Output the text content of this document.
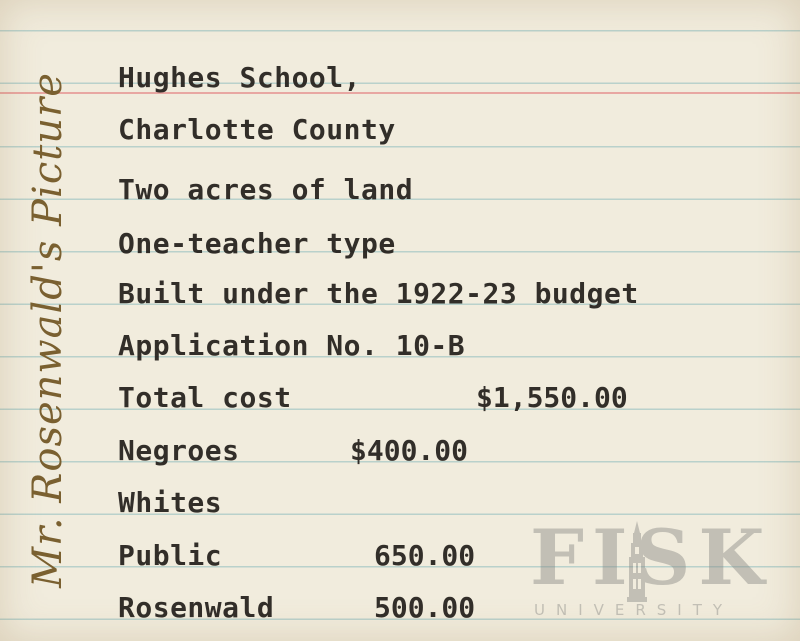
Mr. Rosenwald's Picture Hughes School,

Charlotte County

Two acres of land

One-teacher type

Built under the 1922-23 budget

Application No. 10-B

Total cost	$1,550.00

Negroes	$400.00

Whites

Public	650.00

Rosenwald	500.00

FISK

UNIVERSITY
